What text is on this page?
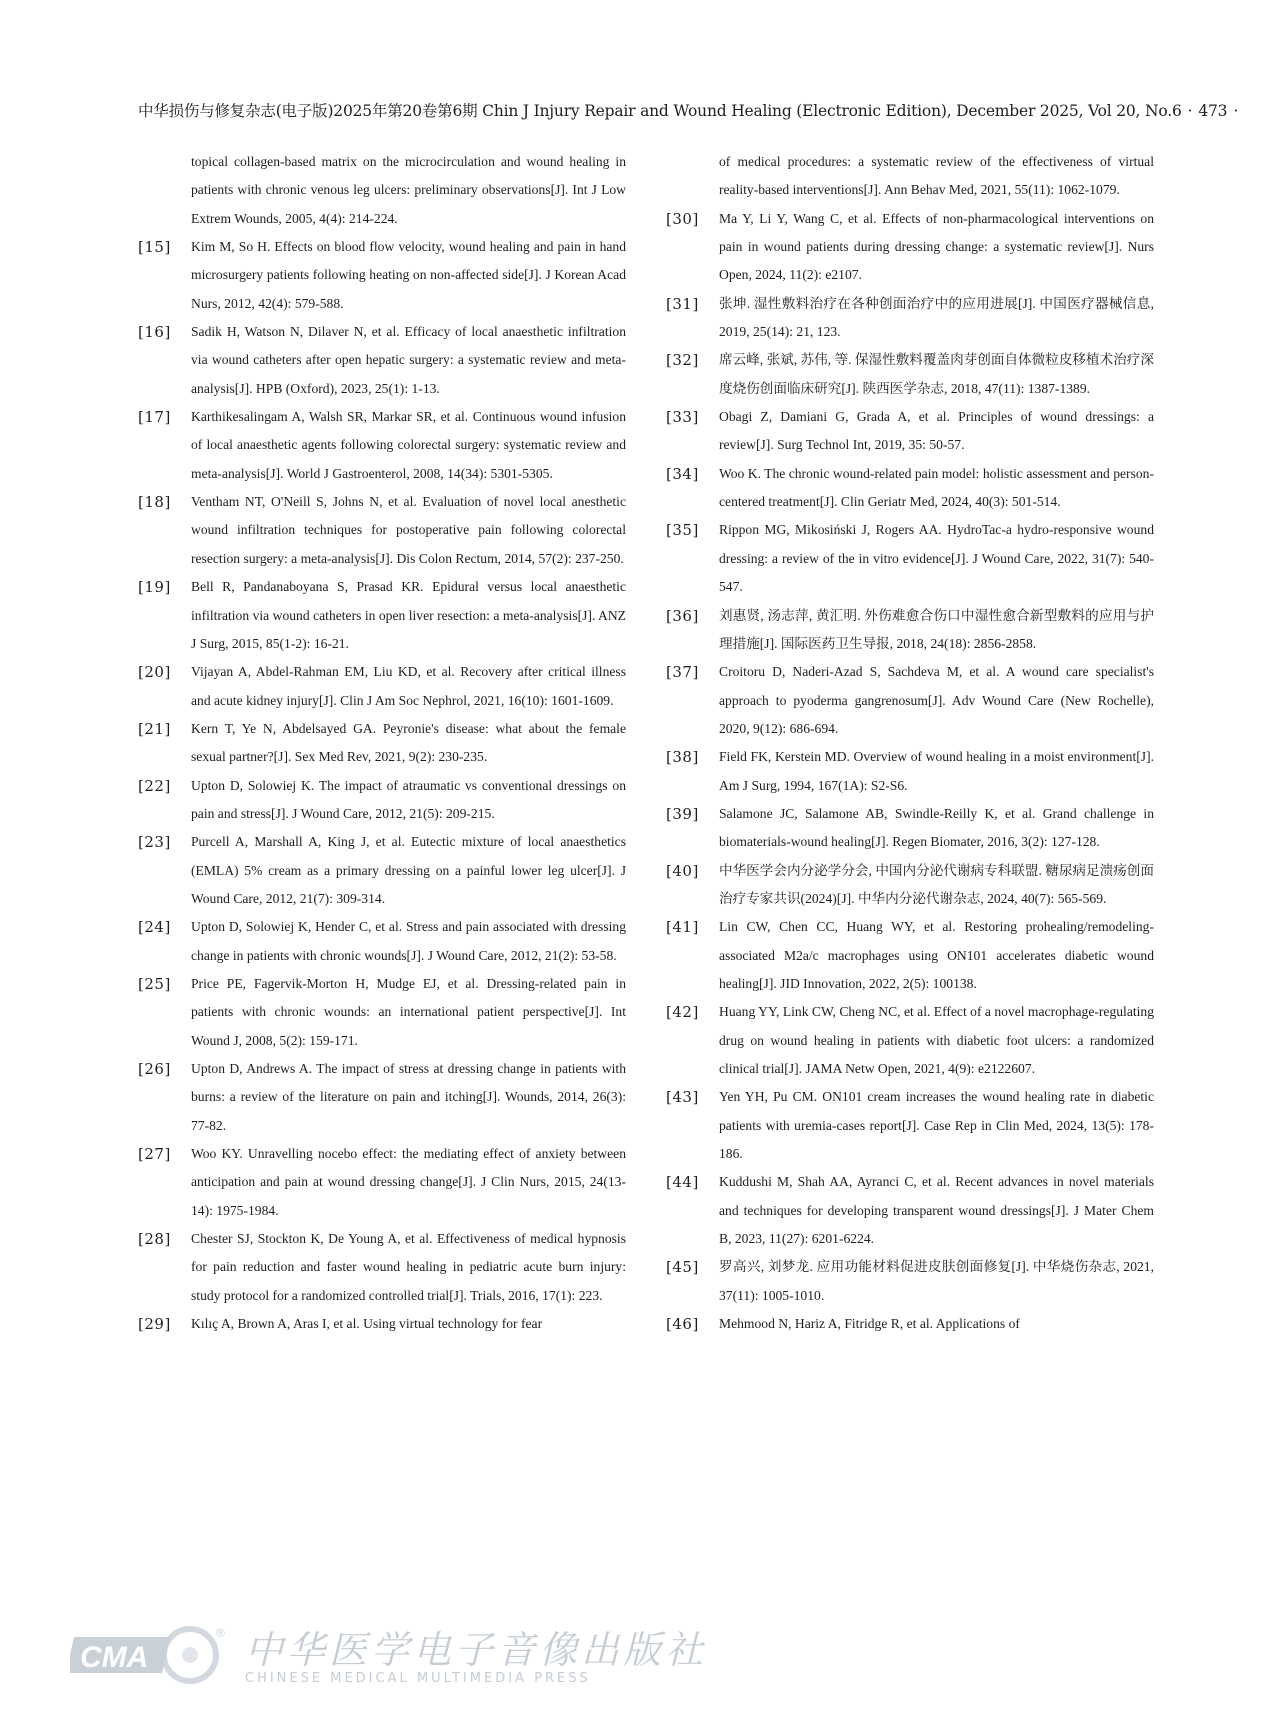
中华损伤与修复杂志(电子版)2025年第20卷第6期 Chin J Injury Repair and Wound Healing (Electronic Edition), December 2025, Vol 20, No.6 · 473 ·
topical collagen-based matrix on the microcirculation and wound healing in patients with chronic venous leg ulcers: preliminary observations[J]. Int J Low Extrem Wounds, 2005, 4(4): 214-224.
[15]	Kim M, So H. Effects on blood flow velocity, wound healing and pain in hand microsurgery patients following heating on non-affected side[J]. J Korean Acad Nurs, 2012, 42(4): 579-588.
[16]	Sadik H, Watson N, Dilaver N, et al. Efficacy of local anaesthetic infiltration via wound catheters after open hepatic surgery: a systematic review and meta-analysis[J]. HPB (Oxford), 2023, 25(1): 1-13.
[17]	Karthikesalingam A, Walsh SR, Markar SR, et al. Continuous wound infusion of local anaesthetic agents following colorectal surgery: systematic review and meta-analysis[J]. World J Gastroenterol, 2008, 14(34): 5301-5305.
[18]	Ventham NT, O'Neill S, Johns N, et al. Evaluation of novel local anesthetic wound infiltration techniques for postoperative pain following colorectal resection surgery: a meta-analysis[J]. Dis Colon Rectum, 2014, 57(2): 237-250.
[19]	Bell R, Pandanaboyana S, Prasad KR. Epidural versus local anaesthetic infiltration via wound catheters in open liver resection: a meta-analysis[J]. ANZ J Surg, 2015, 85(1-2): 16-21.
[20]	Vijayan A, Abdel-Rahman EM, Liu KD, et al. Recovery after critical illness and acute kidney injury[J]. Clin J Am Soc Nephrol, 2021, 16(10): 1601-1609.
[21]	Kern T, Ye N, Abdelsayed GA. Peyronie's disease: what about the female sexual partner?[J]. Sex Med Rev, 2021, 9(2): 230-235.
[22]	Upton D, Solowiej K. The impact of atraumatic vs conventional dressings on pain and stress[J]. J Wound Care, 2012, 21(5): 209-215.
[23]	Purcell A, Marshall A, King J, et al. Eutectic mixture of local anaesthetics (EMLA) 5% cream as a primary dressing on a painful lower leg ulcer[J]. J Wound Care, 2012, 21(7): 309-314.
[24]	Upton D, Solowiej K, Hender C, et al. Stress and pain associated with dressing change in patients with chronic wounds[J]. J Wound Care, 2012, 21(2): 53-58.
[25]	Price PE, Fagervik-Morton H, Mudge EJ, et al. Dressing-related pain in patients with chronic wounds: an international patient perspective[J]. Int Wound J, 2008, 5(2): 159-171.
[26]	Upton D, Andrews A. The impact of stress at dressing change in patients with burns: a review of the literature on pain and itching[J]. Wounds, 2014, 26(3): 77-82.
[27]	Woo KY. Unravelling nocebo effect: the mediating effect of anxiety between anticipation and pain at wound dressing change[J]. J Clin Nurs, 2015, 24(13-14): 1975-1984.
[28]	Chester SJ, Stockton K, De Young A, et al. Effectiveness of medical hypnosis for pain reduction and faster wound healing in pediatric acute burn injury: study protocol for a randomized controlled trial[J]. Trials, 2016, 17(1): 223.
[29]	Kılıç A, Brown A, Aras I, et al. Using virtual technology for fear
of medical procedures: a systematic review of the effectiveness of virtual reality-based interventions[J]. Ann Behav Med, 2021, 55(11): 1062-1079.
[30]	Ma Y, Li Y, Wang C, et al. Effects of non-pharmacological interventions on pain in wound patients during dressing change: a systematic review[J]. Nurs Open, 2024, 11(2): e2107.
[31]	张坤. 湿性敷料治疗在各种创面治疗中的应用进展[J]. 中国医疗器械信息, 2019, 25(14): 21, 123.
[32]	席云峰, 张斌, 苏伟, 等. 保湿性敷料覆盖肉芽创面自体微粒皮移植术治疗深度烧伤创面临床研究[J]. 陕西医学杂志, 2018, 47(11): 1387-1389.
[33]	Obagi Z, Damiani G, Grada A, et al. Principles of wound dressings: a review[J]. Surg Technol Int, 2019, 35: 50-57.
[34]	Woo K. The chronic wound-related pain model: holistic assessment and person-centered treatment[J]. Clin Geriatr Med, 2024, 40(3): 501-514.
[35]	Rippon MG, Mikosiński J, Rogers AA. HydroTac-a hydro-responsive wound dressing: a review of the in vitro evidence[J]. J Wound Care, 2022, 31(7): 540-547.
[36]	刘惠贤, 汤志萍, 黄汇明. 外伤难愈合伤口中湿性愈合新型敷料的应用与护理措施[J]. 国际医药卫生导报, 2018, 24(18): 2856-2858.
[37]	Croitoru D, Naderi-Azad S, Sachdeva M, et al. A wound care specialist's approach to pyoderma gangrenosum[J]. Adv Wound Care (New Rochelle), 2020, 9(12): 686-694.
[38]	Field FK, Kerstein MD. Overview of wound healing in a moist environment[J]. Am J Surg, 1994, 167(1A): S2-S6.
[39]	Salamone JC, Salamone AB, Swindle-Reilly K, et al. Grand challenge in biomaterials-wound healing[J]. Regen Biomater, 2016, 3(2): 127-128.
[40]	中华医学会内分泌学分会, 中国内分泌代谢病专科联盟. 糖尿病足溃疡创面治疗专家共识(2024)[J]. 中华内分泌代谢杂志, 2024, 40(7): 565-569.
[41]	Lin CW, Chen CC, Huang WY, et al. Restoring prohealing/remodeling-associated M2a/c macrophages using ON101 accelerates diabetic wound healing[J]. JID Innovation, 2022, 2(5): 100138.
[42]	Huang YY, Link CW, Cheng NC, et al. Effect of a novel macrophage-regulating drug on wound healing in patients with diabetic foot ulcers: a randomized clinical trial[J]. JAMA Netw Open, 2021, 4(9): e2122607.
[43]	Yen YH, Pu CM. ON101 cream increases the wound healing rate in diabetic patients with uremia-cases report[J]. Case Rep in Clin Med, 2024, 13(5): 178-186.
[44]	Kuddushi M, Shah AA, Ayranci C, et al. Recent advances in novel materials and techniques for developing transparent wound dressings[J]. J Mater Chem B, 2023, 11(27): 6201-6224.
[45]	罗高兴, 刘梦龙. 应用功能材料促进皮肤创面修复[J]. 中华烧伤杂志, 2021, 37(11): 1005-1010.
[46]	Mehmood N, Hariz A, Fitridge R, et al. Applications of
CMA
® 中华医学电子音像出版社
CHINESE MEDICAL MULTIMEDIA PRESS
